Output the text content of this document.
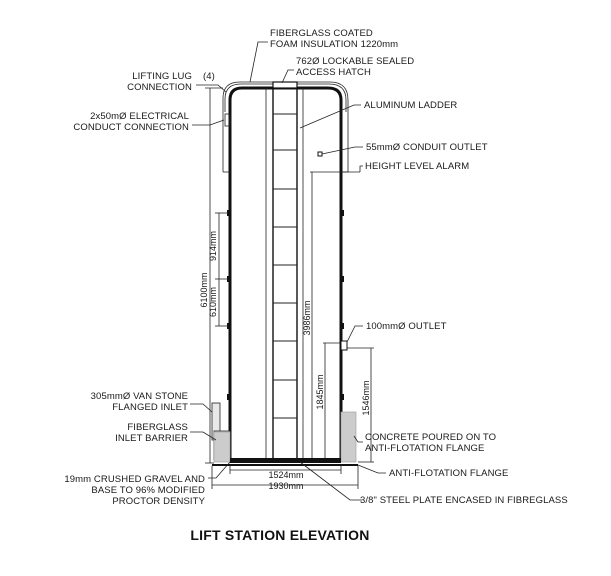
FIBERGLASS COATED
FOAM INSULATION 1220mm
762Ø LOCKABLE SEALED
ACCESS HATCH
LIFTING LUG (4)
CONNECTION
2x50mØ ELECTRICAL
CONDUCT CONNECTION
ALUMINUM LADDER
55mmØ CONDUIT OUTLET
HEIGHT LEVEL ALARM
100mmØ OUTLET
305mmØ VAN STONE
FLANGED INLET
FIBERGLASS
INLET BARRIER	CONCRETE POURED ON TO
ANTI-FLOTATION FLANGE
ANTI-FLOTATION FLANGE
19mm CRUSHED GRAVEL AND
BASE TO 96% MODIFIED
PROCTOR DENSITY	3/8" STEEL PLATE ENCASED IN FIBREGLASS
6100mm
914mm
610mm	3986mm
1845mm	1546mm
1524mm
1930mm
LIFT STATION ELEVATION
